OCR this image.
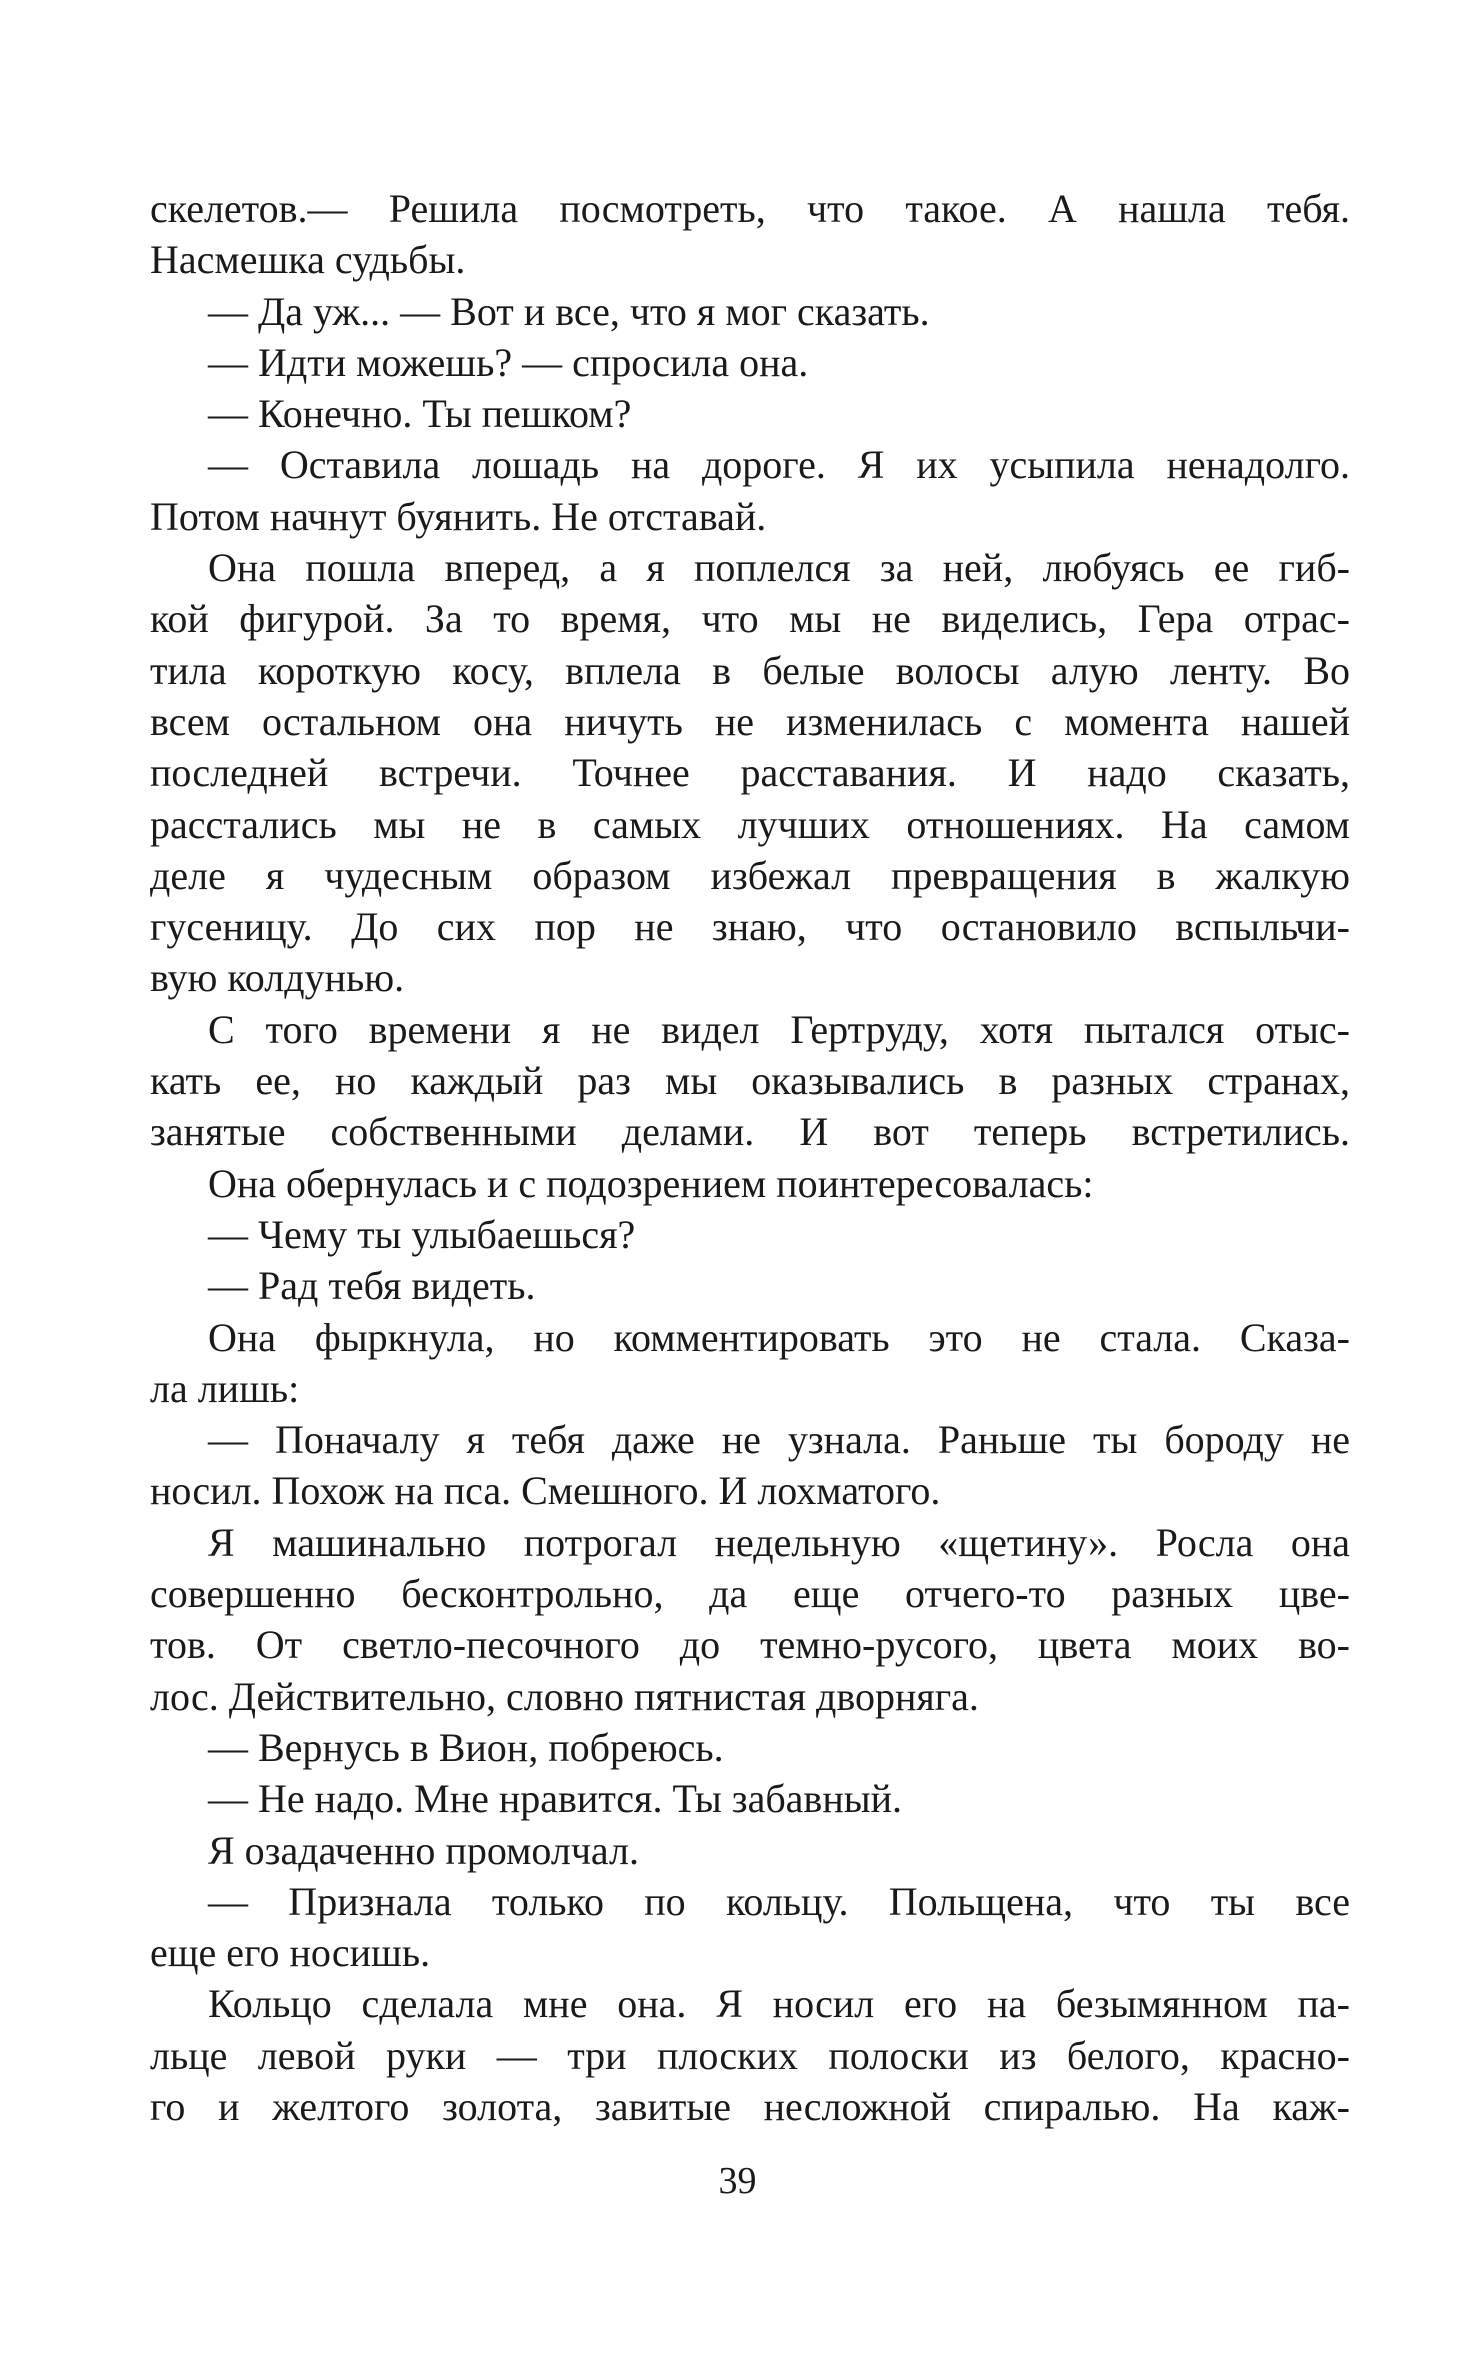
скелетов.— Решила посмотреть, что такое. А нашла тебя.
Насмешка судьбы.
— Да уж... — Вот и все, что я мог сказать.
— Идти можешь? — спросила она.
— Конечно. Ты пешком?
— Оставила лошадь на дороге. Я их усыпила ненадолго.
Потом начнут буянить. Не отставай.
Она пошла вперед, а я поплелся за ней, любуясь ее гиб-
кой фигурой. За то время, что мы не виделись, Гера отрас-
тила короткую косу, вплела в белые волосы алую ленту. Во
всем остальном она ничуть не изменилась с момента нашей
последней встречи. Точнее расставания. И надо сказать,
расстались мы не в самых лучших отношениях. На самом
деле я чудесным образом избежал превращения в жалкую
гусеницу. До сих пор не знаю, что остановило вспыльчи-
вую колдунью.
С того времени я не видел Гертруду, хотя пытался отыс-
кать ее, но каждый раз мы оказывались в разных странах,
занятые собственными делами. И вот теперь встретились.
Она обернулась и с подозрением поинтересовалась:
— Чему ты улыбаешься?
— Рад тебя видеть.
Она фыркнула, но комментировать это не стала. Сказа-
ла лишь:
— Поначалу я тебя даже не узнала. Раньше ты бороду не
носил. Похож на пса. Смешного. И лохматого.
Я машинально потрогал недельную «щетину». Росла она
совершенно бесконтрольно, да еще отчего-то разных цве-
тов. От светло-песочного до темно-русого, цвета моих во-
лос. Действительно, словно пятнистая дворняга.
— Вернусь в Вион, побреюсь.
— Не надо. Мне нравится. Ты забавный.
Я озадаченно промолчал.
— Признала только по кольцу. Польщена, что ты все
еще его носишь.
Кольцо сделала мне она. Я носил его на безымянном па-
льце левой руки — три плоских полоски из белого, красно-
го и желтого золота, завитые несложной спиралью. На каж-
39
